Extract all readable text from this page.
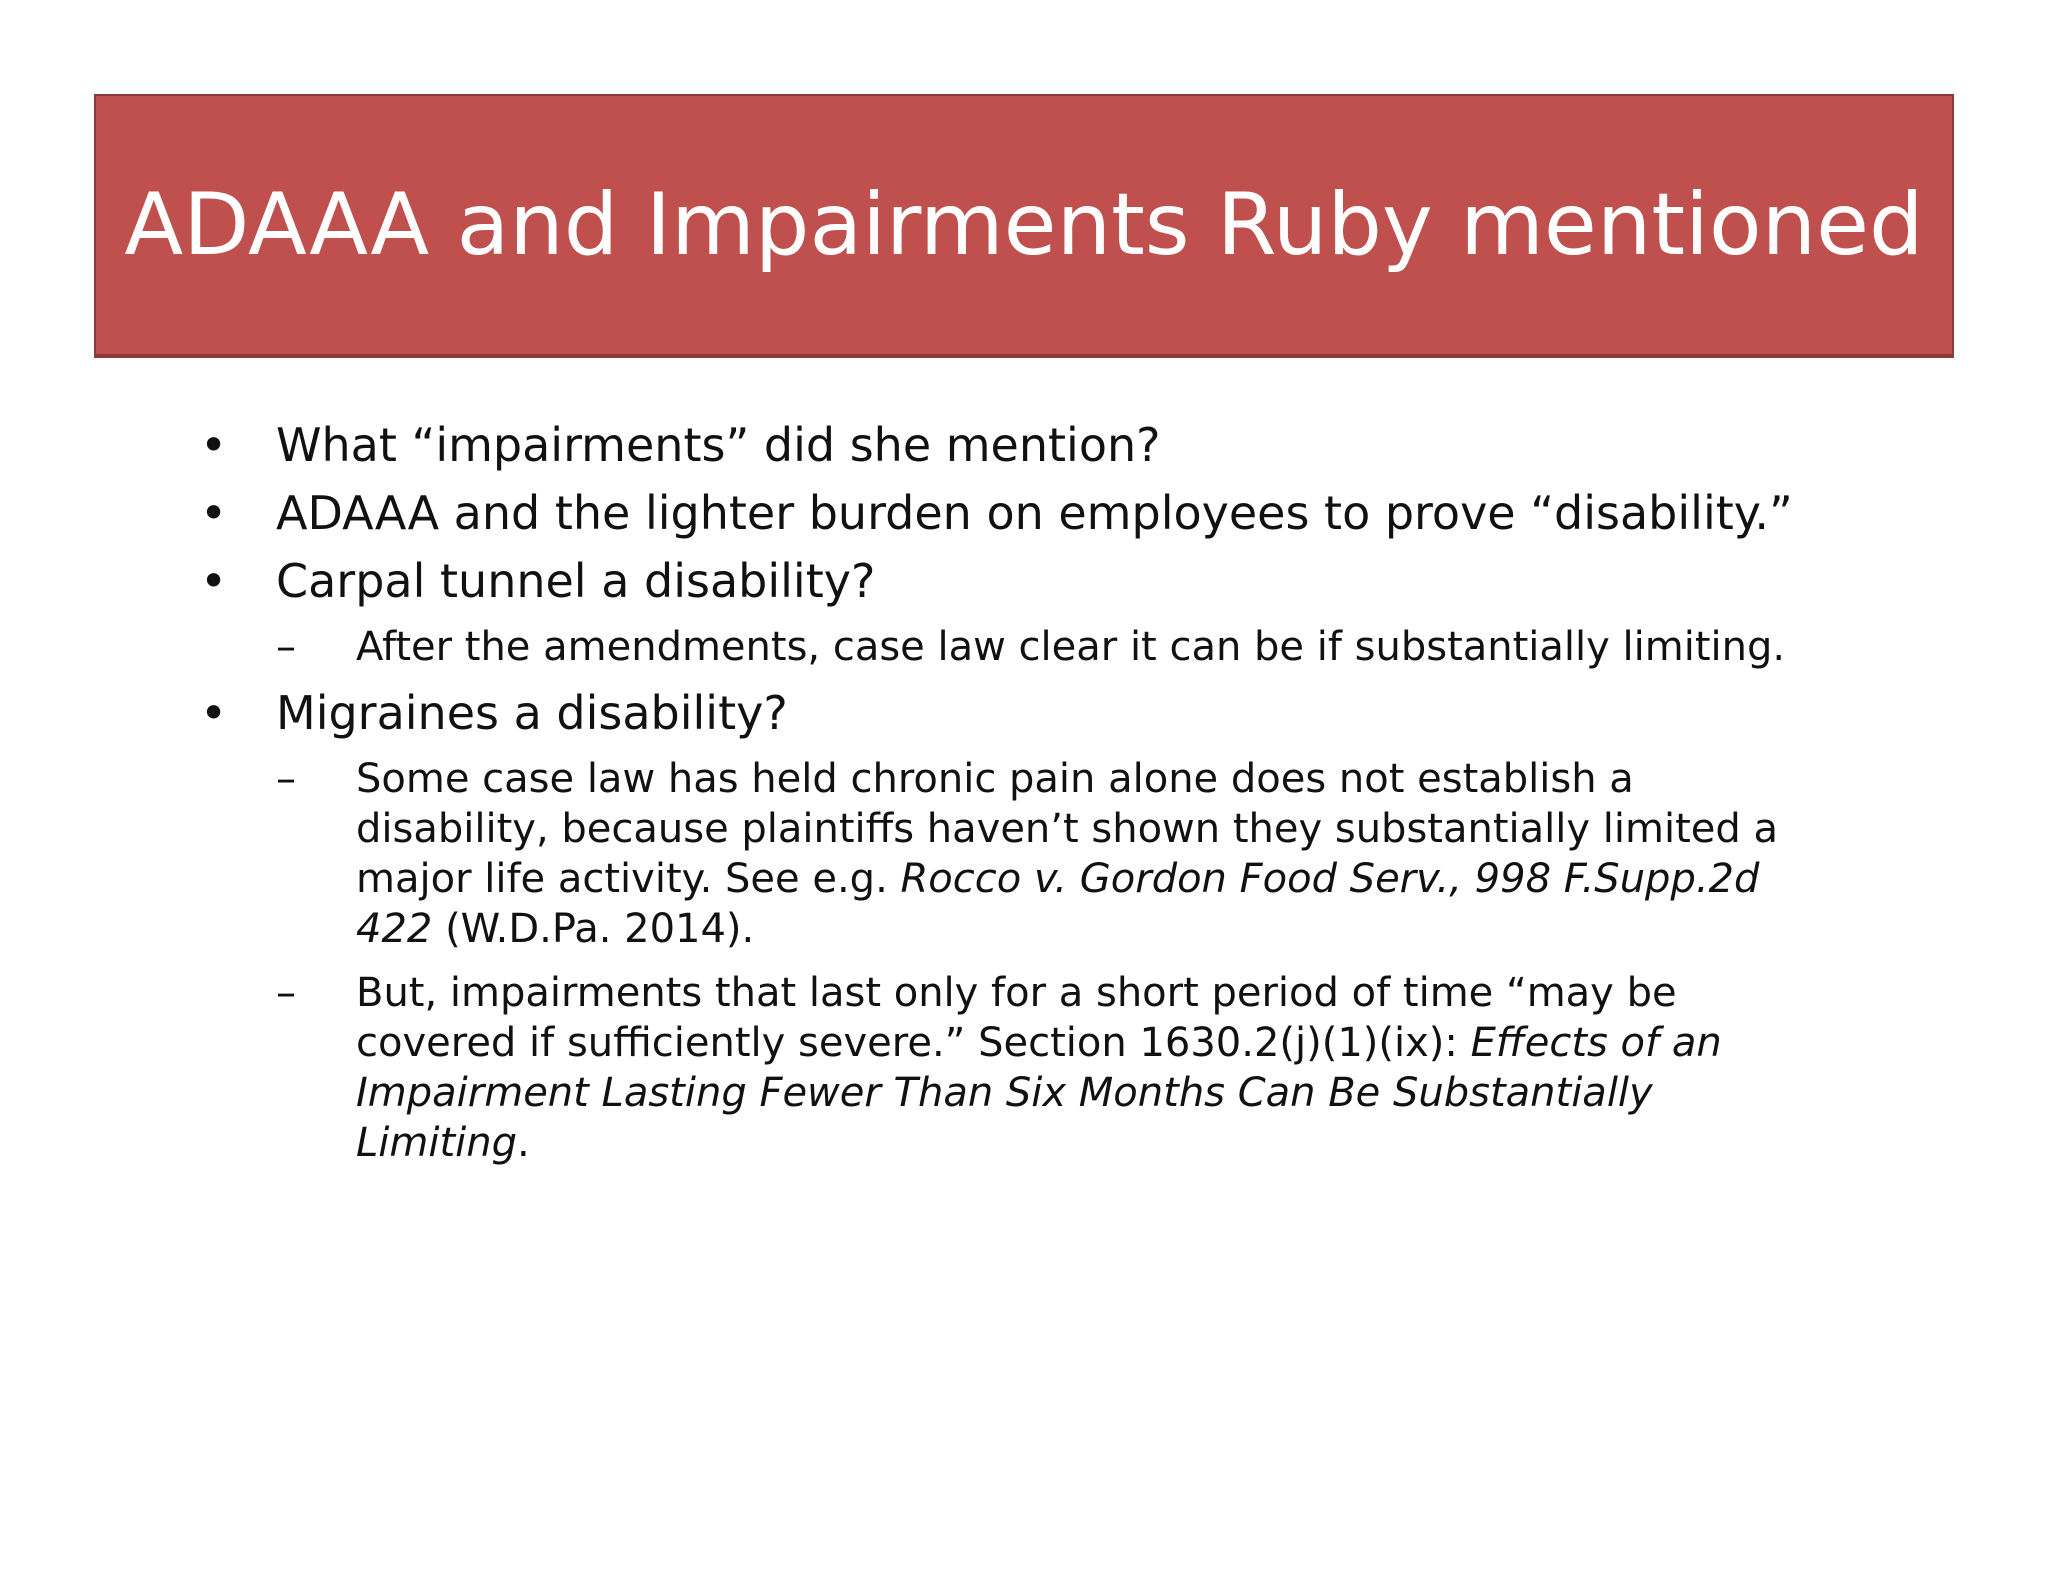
ADAAA and Impairments Ruby mentioned
• What “impairments” did she mention?
• ADAAA and the lighter burden on employees to prove “disability.”
• Carpal tunnel a disability?
– After the amendments, case law clear it can be if substantially limiting.
• Migraines a disability?
– Some case law has held chronic pain alone does not establish a disability, because plaintiffs haven’t shown they substantially limited a major life activity. See e.g. Rocco v. Gordon Food Serv., 998 F.Supp.2d 422 (W.D.Pa. 2014).
– But, impairments that last only for a short period of time “may be covered if sufficiently severe.” Section 1630.2(j)(1)(ix): Effects of an Impairment Lasting Fewer Than Six Months Can Be Substantially Limiting.
